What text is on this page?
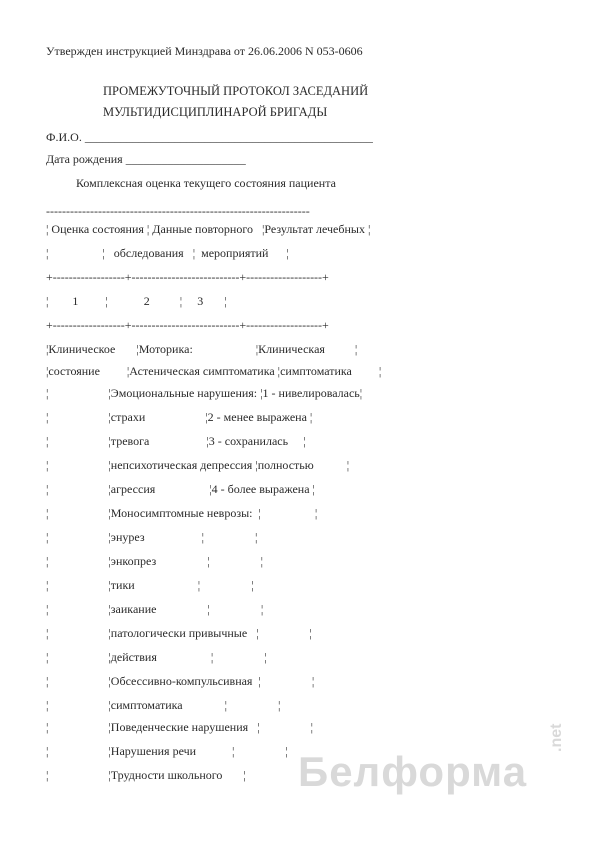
Утвержден инструкцией Минздрава от 26.06.2006 N 053-0606
ПРОМЕЖУТОЧНЫЙ ПРОТОКОЛ ЗАСЕДАНИЙ
МУЛЬТИДИСЦИПЛИНАРОЙ БРИГАДЫ
Ф.И.О. ________________________________________________
Дата рождения ____________________
Комплексная оценка текущего состояния пациента
------------------------------------------------------------------
¦ Оценка состояния ¦ Данные повторного   ¦Результат лечебных ¦
¦                  ¦   обследования   ¦  мероприятий      ¦
+------------------+---------------------------+-------------------+
¦        1         ¦            2          ¦     3       ¦
+------------------+---------------------------+-------------------+
¦Клиническое       ¦Моторика:                     ¦Клиническая          ¦
¦состояние         ¦Астеническая симптоматика ¦симптоматика         ¦
¦                    ¦Эмоциональные нарушения: ¦1 - нивелировалась¦
¦                    ¦страхи                    ¦2 - менее выражена ¦
¦                    ¦тревога                   ¦3 - сохранилась     ¦
¦                    ¦непсихотическая депрессия ¦полностью           ¦
¦                    ¦агрессия                  ¦4 - более выражена ¦
¦                    ¦Моносимптомные неврозы:  ¦                  ¦
¦                    ¦энурез                   ¦                 ¦
¦                    ¦энкопрез                 ¦                 ¦
¦                    ¦тики                     ¦                 ¦
¦                    ¦заикание                 ¦                 ¦
¦                    ¦патологически привычные   ¦                 ¦
¦                    ¦действия                  ¦                 ¦
¦                    ¦Обсессивно-компульсивная  ¦                 ¦
¦                    ¦симптоматика              ¦                 ¦
¦                    ¦Поведенческие нарушения   ¦                 ¦
¦                    ¦Нарушения речи            ¦                 ¦
¦                    ¦Трудности школьного       ¦ Белформа
.net
